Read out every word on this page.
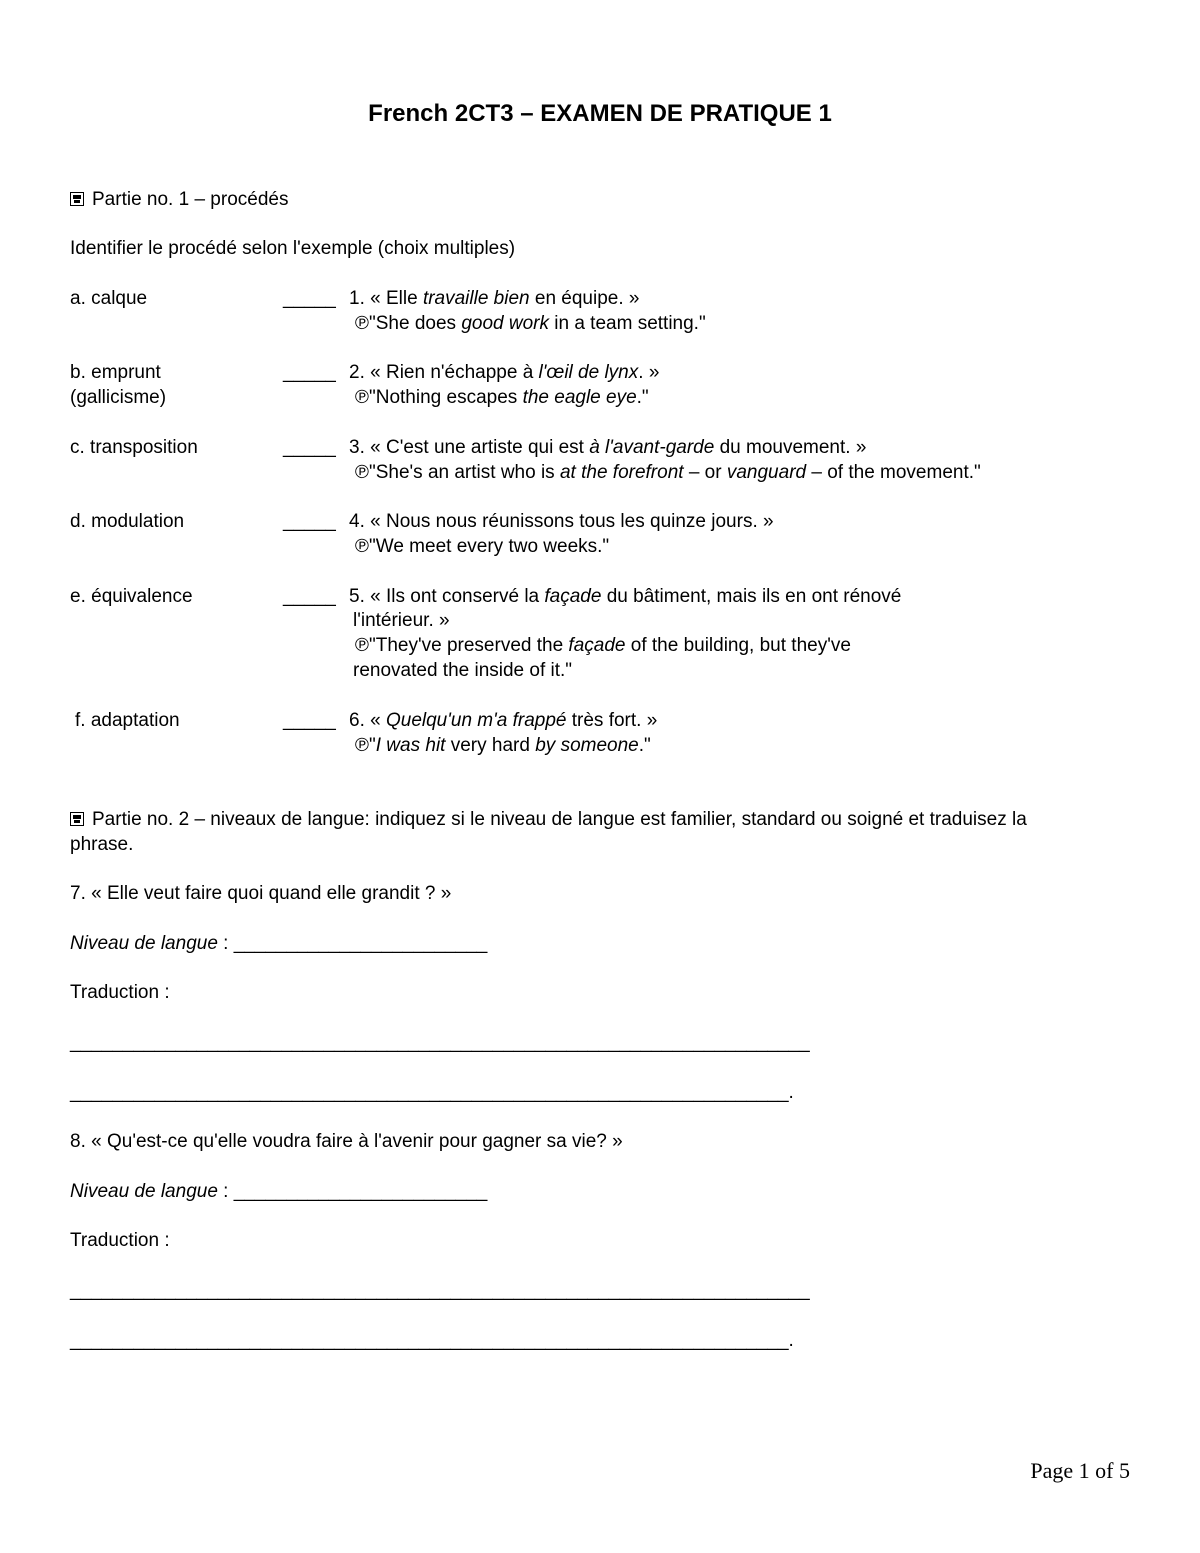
French 2CT3 – EXAMEN DE PRATIQUE 1
Partie no. 1 – procédés
Identifier le procédé selon l'exemple (choix multiples)
a. calque
b. emprunt
(gallicisme)
c. transposition
d. modulation
e. équivalence
f. adaptation
_____
_____
_____
_____
_____
_____
1. « Elle travaille bien en équipe. »
℗"She does good work in a team setting."
2. « Rien n'échappe à l'œil de lynx. »
℗"Nothing escapes the eagle eye."
3. « C'est une artiste qui est à l'avant-garde du mouvement. »
℗"She's an artist who is at the forefront – or vanguard – of the movement."
4. « Nous nous réunissons tous les quinze jours. »
℗"We meet every two weeks."
5. « Ils ont conservé la façade du bâtiment, mais ils en ont rénové
l'intérieur. »
℗"They've preserved the façade of the building, but they've
renovated the inside of it."
6. « Quelqu'un m'a frappé très fort. »
℗"I was hit very hard by someone."
Partie no. 2 – niveaux de langue: indiquez si le niveau de langue est familier, standard ou soigné et traduisez la
phrase.
7. « Elle veut faire quoi quand elle grandit ? »
Niveau de langue : ________________________
Traduction :
______________________________________________________________________
____________________________________________________________________.
8. « Qu'est-ce qu'elle voudra faire à l'avenir pour gagner sa vie? »
Niveau de langue : ________________________
Traduction :
______________________________________________________________________
____________________________________________________________________.
Page 1 of 5
